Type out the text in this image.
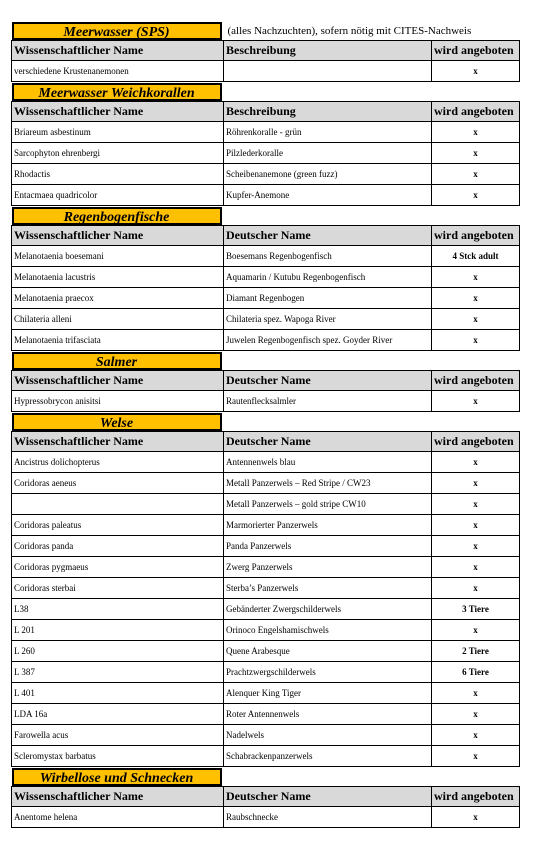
Meerwasser (SPS)	(alles Nachzuchten), sofern nötig mit CITES-Nachweis	
Wissenschaftlicher Name	Beschreibung	wird angeboten
verschiedene Krustenanemonen		x

Meerwasser Weichkorallen		

Wissenschaftlicher Name	Beschreibung	wird angeboten
Briareum asbestinum	Röhrenkoralle - grün	x
Sarcophyton ehrenbergi	Pilzlederkoralle	x
Rhodactis	Scheibenanemone (green fuzz)	x
Entacmaea quadricolor	Kupfer-Anemone	x

Regenbogenfische		

Wissenschaftlicher Name	Deutscher Name	wird angeboten
Melanotaenia boesemani	Boesemans Regenbogenfisch	4 Stck adult
Melanotaenia lacustris	Aquamarin / Kutubu Regenbogenfisch	x
Melanotaenia praecox	Diamant Regenbogen	x
Chilateria alleni	Chilateria spez. Wapoga River	x
Melanotaenia trifasciata	Juwelen Regenbogenfisch spez. Goyder River	x

Salmer		

Wissenschaftlicher Name	Deutscher Name	wird angeboten
Hypressobrycon anisitsi	Rautenflecksalmler	x

Welse		

Wissenschaftlicher Name	Deutscher Name	wird angeboten
Ancistrus dolichopterus	Antennenwels blau	x
Coridoras aeneus	Metall Panzerwels – Red Stripe / CW23	x
	Metall Panzerwels – gold stripe CW10	x
Coridoras paleatus	Marmorierter Panzerwels	x
Coridoras panda	Panda Panzerwels	x
Coridoras pygmaeus	Zwerg Panzerwels	x
Coridoras sterbai	Sterba’s Panzerwels	x
L38	Gebänderter Zwergschilderwels	3 Tiere
L 201	Orinoco Engelshamischwels	x
L 260	Quene Arabesque	2 Tiere
L 387	Prachtzwergschilderwels	6 Tiere
L 401	Alenquer King Tiger	x
LDA 16a	Roter Antennenwels	x
Farowella acus	Nadelwels	x
Scleromystax barbatus	Schabrackenpanzerwels	x

Wirbellose und Schnecken		

Wissenschaftlicher Name	Deutscher Name	wird angeboten
Anentome helena	Raubschnecke	x
